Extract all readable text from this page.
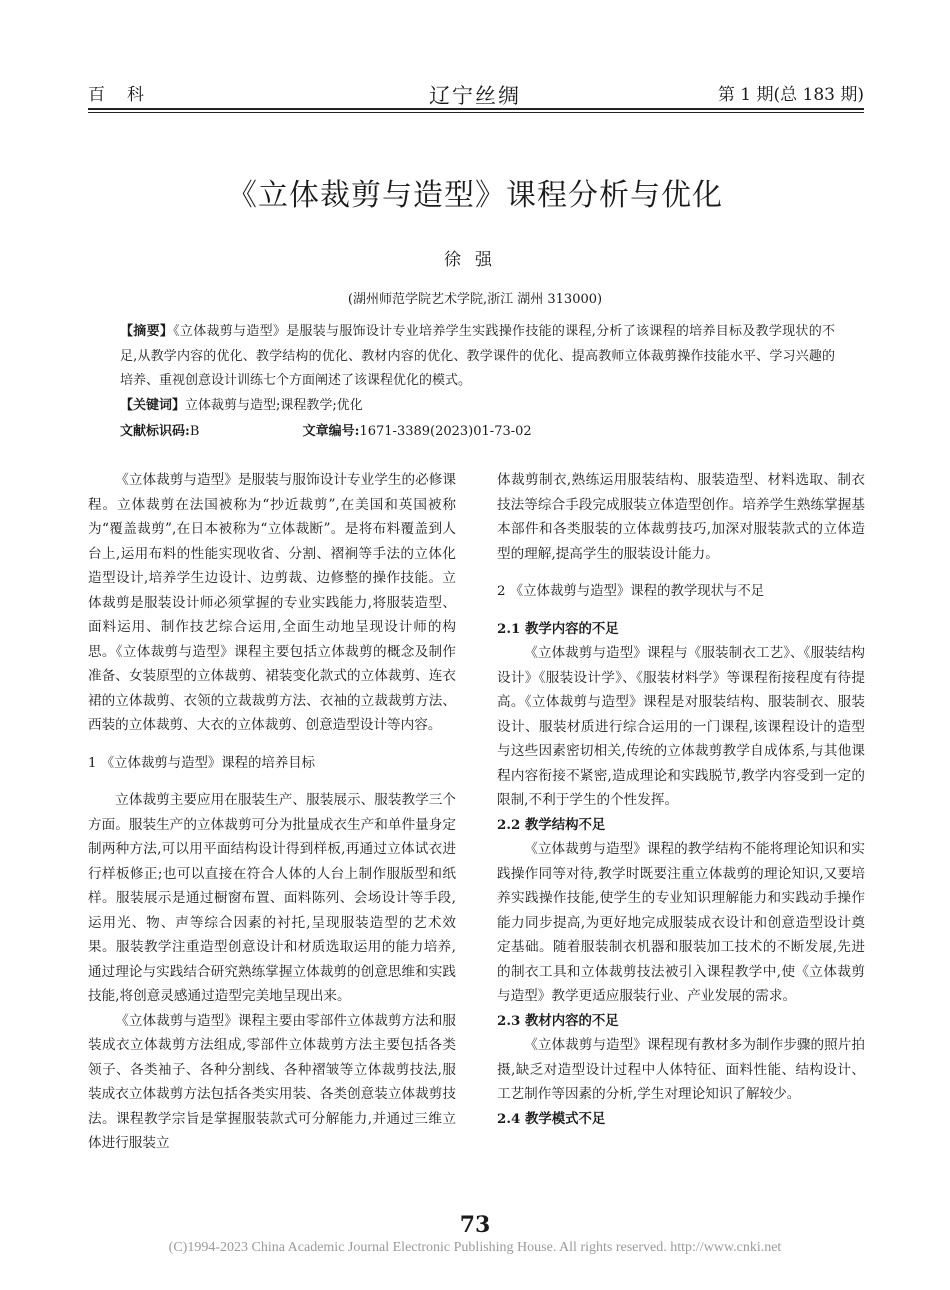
百科	辽宁丝绸	第 1 期(总 183 期)
《立体裁剪与造型》课程分析与优化
徐强
(湖州师范学院艺术学院,浙江 湖州 313000)
【摘要】《立体裁剪与造型》是服装与服饰设计专业培养学生实践操作技能的课程,分析了该课程的培养目标及教学现状的不足,从教学内容的优化、教学结构的优化、教材内容的优化、教学课件的优化、提高教师立体裁剪操作技能水平、学习兴趣的培养、重视创意设计训练七个方面阐述了该课程优化的模式。
【关键词】立体裁剪与造型;课程教学;优化
文献标识码:B	文章编号:1671-3389(2023)01-73-02

《立体裁剪与造型》是服装与服饰设计专业学生的必修课程。立体裁剪在法国被称为“抄近裁剪”,在美国和英国被称为“覆盖裁剪”,在日本被称为“立体裁断”。是将布料覆盖到人台上,运用布料的性能实现收省、分割、褶裥等手法的立体化造型设计,培养学生边设计、边剪裁、边修整的操作技能。立体裁剪是服装设计师必须掌握的专业实践能力,将服装造型、面料运用、制作技艺综合运用,全面生动地呈现设计师的构思。《立体裁剪与造型》课程主要包括立体裁剪的概念及制作准备、女装原型的立体裁剪、裙装变化款式的立体裁剪、连衣裙的立体裁剪、衣领的立裁裁剪方法、衣袖的立裁裁剪方法、西装的立体裁剪、大衣的立体裁剪、创意造型设计等内容。

1 《立体裁剪与造型》课程的培养目标

立体裁剪主要应用在服装生产、服装展示、服装教学三个方面。服装生产的立体裁剪可分为批量成衣生产和单件量身定制两种方法,可以用平面结构设计得到样板,再通过立体试衣进行样板修正;也可以直接在符合人体的人台上制作服版型和纸样。服装展示是通过橱窗布置、面料陈列、会场设计等手段,运用光、物、声等综合因素的衬托,呈现服装造型的艺术效果。服装教学注重造型创意设计和材质选取运用的能力培养,通过理论与实践结合研究熟练掌握立体裁剪的创意思维和实践技能,将创意灵感通过造型完美地呈现出来。

《立体裁剪与造型》课程主要由零部件立体裁剪方法和服装成衣立体裁剪方法组成,零部件立体裁剪方法主要包括各类领子、各类袖子、各种分割线、各种褶皱等立体裁剪技法,服装成衣立体裁剪方法包括各类实用装、各类创意装立体裁剪技法。课程教学宗旨是掌握服装款式可分解能力,并通过三维立体进行服装立

体裁剪制衣,熟练运用服装结构、服装造型、材料选取、制衣技法等综合手段完成服装立体造型创作。培养学生熟练掌握基本部件和各类服装的立体裁剪技巧,加深对服装款式的立体造型的理解,提高学生的服装设计能力。

2 《立体裁剪与造型》课程的教学现状与不足
2.1 教学内容的不足

《立体裁剪与造型》课程与《服装制衣工艺》、《服装结构设计》《服装设计学》、《服装材料学》等课程衔接程度有待提高。《立体裁剪与造型》课程是对服装结构、服装制衣、服装设计、服装材质进行综合运用的一门课程,该课程设计的造型与这些因素密切相关,传统的立体裁剪教学自成体系,与其他课程内容衔接不紧密,造成理论和实践脱节,教学内容受到一定的限制,不利于学生的个性发挥。

2.2 教学结构不足

《立体裁剪与造型》课程的教学结构不能将理论知识和实践操作同等对待,教学时既要注重立体裁剪的理论知识,又要培养实践操作技能,使学生的专业知识理解能力和实践动手操作能力同步提高,为更好地完成服装成衣设计和创意造型设计奠定基础。随着服装制衣机器和服装加工技术的不断发展,先进的制衣工具和立体裁剪技法被引入课程教学中,使《立体裁剪与造型》教学更适应服装行业、产业发展的需求。

2.3 教材内容的不足

《立体裁剪与造型》课程现有教材多为制作步骤的照片拍摄,缺乏对造型设计过程中人体特征、面料性能、结构设计、工艺制作等因素的分析,学生对理论知识了解较少。

2.4 教学模式不足
73
(C)1994-2023 China Academic Journal Electronic Publishing House. All rights reserved. http://www.cnki.net
